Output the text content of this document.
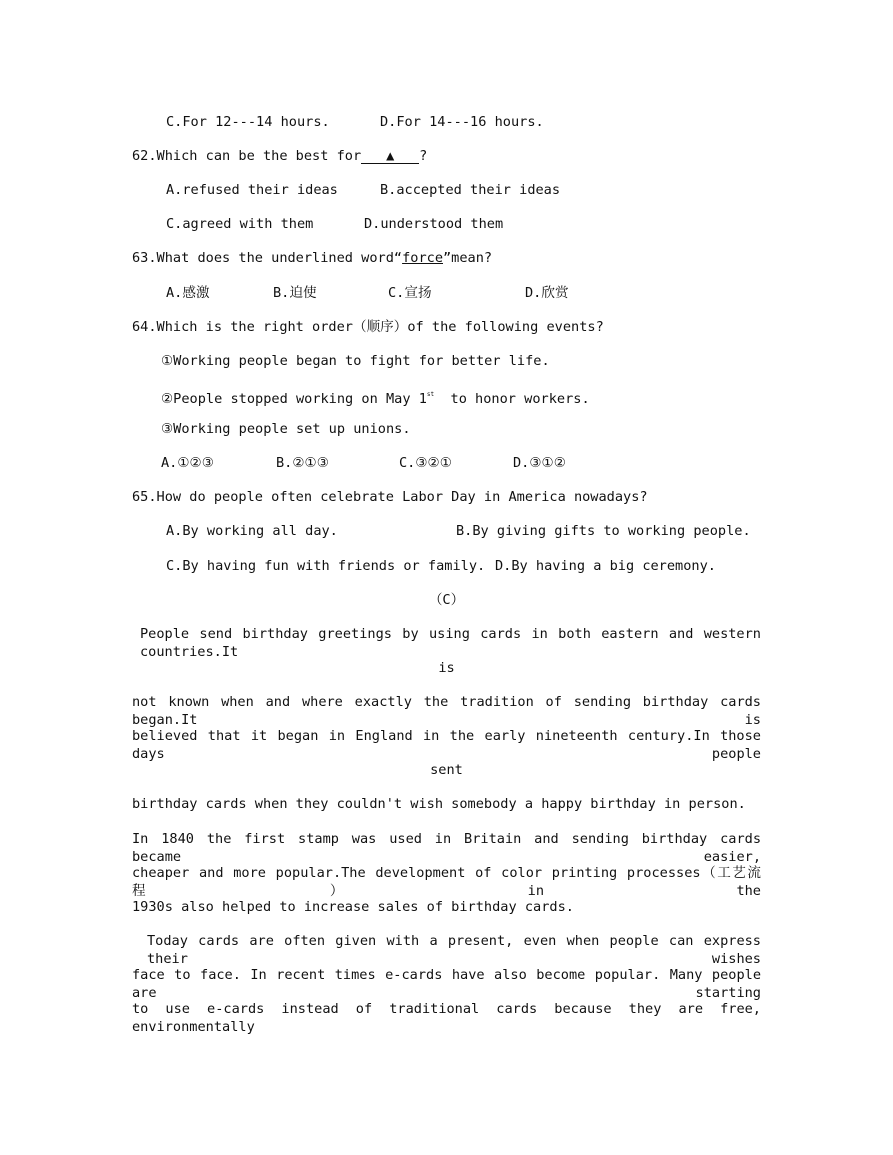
C.For 12---14 hours.	D.For 14---16 hours.
62.Which can be the best for ▲ ?
A.refused their ideas	B.accepted their ideas
C.agreed with them	D.understood them
63.What does the underlined word“force”mean?
A.感激	B.迫使	C.宣扬	D.欣赏
64.Which is the right order（顺序）of the following events?
①Working people began to fight for better life.
②People stopped working on May 1st  to honor workers.
③Working people set up unions.
A.①②③	B.②①③	C.③②①	D.③①②
65.How do people often celebrate Labor Day in America nowadays?
A.By working all day.	B.By giving gifts to working people.
C.By having fun with friends or family. D.By having a big ceremony.
（C）
People send birthday greetings by using cards in both eastern and western countries.It
is
not known when and where exactly the tradition of sending birthday cards began.It is
believed that it began in England in the early nineteenth century.In those days people
sent
birthday cards when they couldn't wish somebody a happy birthday in person.
In 1840 the first stamp was used in Britain and sending birthday cards became easier,
cheaper and more popular.The development of color printing processes（工艺流程）in the
1930s also helped to increase sales of birthday cards.
Today cards are often given with a present, even when people can express their wishes
face to face. In recent times e-cards have also become popular. Many people are starting
to use e-cards instead of traditional cards because they are free, environmentally
